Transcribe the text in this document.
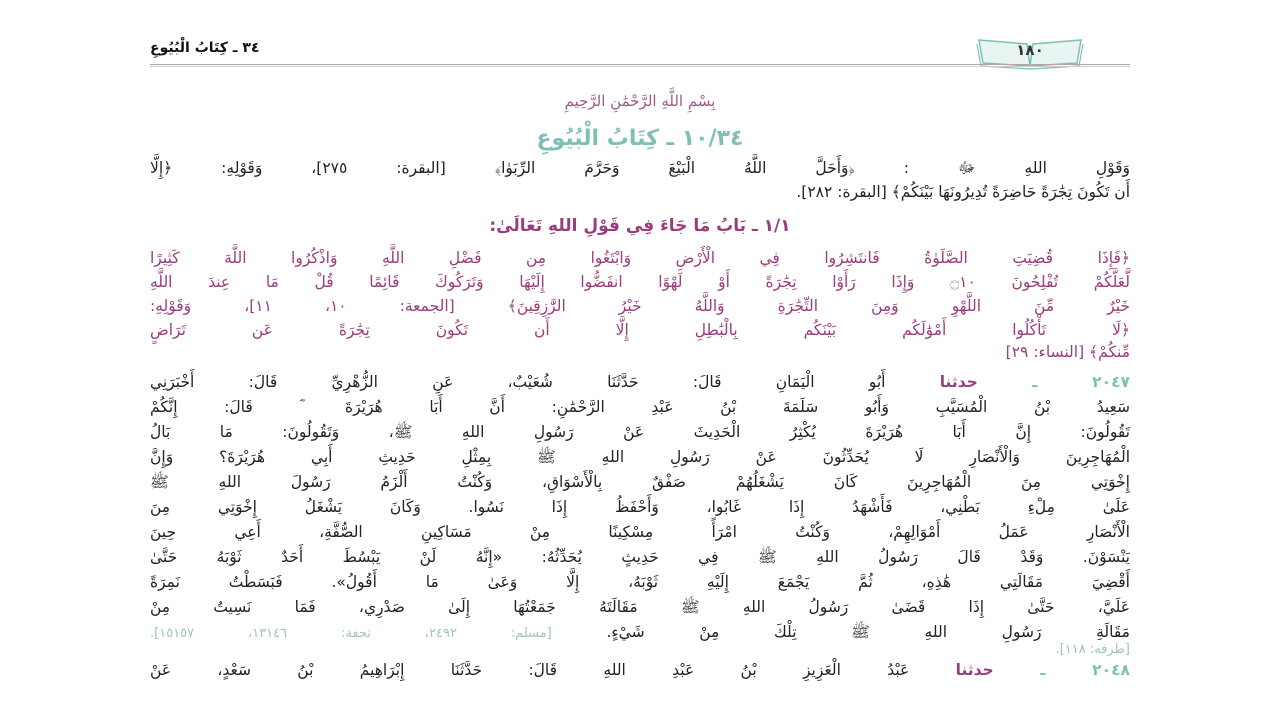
٣٤ ـ كِتَابُ الْبُيُوعِ	١٨٠
بِسْمِ اللَّهِ الرَّحْمَٰنِ الرَّحِيمِ
١٠/٣٤ ـ كِتَابُ الْبُيُوعِ
وَقَوْلِ اللهِ ﷻ : ﴿وَأَحَلَّ اللَّهُ الْبَيْعَ وَحَرَّمَ الرِّبَوٰا﴾ [البقرة: ٢٧٥]، وَقَوْلِهِ: ﴿إِلَّا
أَن تَكُونَ تِجَٰرَةً حَاضِرَةً تُدِيرُونَهَا بَيْنَكُمْ﴾ [البقرة: ٢٨٢].
١/١ ـ بَابُ مَا جَاءَ فِي قَوْلِ اللهِ تَعَالَىٰ:
﴿فَإِذَا قُضِيَتِ الصَّلَوٰةُ فَانتَشِرُوا فِي الْأَرْضِ وَابْتَغُوا مِن فَضْلِ اللَّهِ وَاذْكُرُوا اللَّهَ كَثِيرًا
لَّعَلَّكُمْ تُفْلِحُونَ ۝١٠ وَإِذَا رَأَوْا تِجَٰرَةً أَوْ لَهْوًا انفَضُّوا إِلَيْهَا وَتَرَكُوكَ قَائِمًا قُلْ مَا عِندَ اللَّهِ
خَيْرٌ مِّنَ اللَّهْوِ وَمِنَ التِّجَٰرَةِ وَاللَّهُ خَيْرُ الرَّٰزِقِينَ﴾ [الجمعة: ١٠، ١١]، وَقَوْلِهِ:
﴿لَا تَأْكُلُوا أَمْوَٰلَكُم بَيْنَكُم بِالْبَٰطِلِ إِلَّا أَن تَكُونَ تِجَٰرَةً عَن تَرَاضٍ
مِّنكُمْ﴾ [النساء: ٢٩]
٢٠٤٧ ـ حدثنا أَبُو الْيَمَانِ قَالَ: حَدَّثَنَا شُعَيْبٌ، عَنِ الزُّهْرِيِّ قَالَ: أَخْبَرَنِي
سَعِيدُ بْنُ الْمُسَيَّبِ وَأَبُو سَلَمَةَ بْنُ عَبْدِ الرَّحْمَٰنِ: أَنَّ أَبَا هُرَيْرَةَ ؓ قَالَ: إِنَّكُمْ
تَقُولُونَ: إِنَّ أَبَا هُرَيْرَةَ يُكْثِرُ الْحَدِيثَ عَنْ رَسُولِ اللهِ ﷺ، وَتَقُولُونَ: مَا بَالُ
الْمُهَاجِرِينَ وَالْأَنْصَارِ لَا يُحَدِّثُونَ عَنْ رَسُولِ اللهِ ﷺ بِمِثْلِ حَدِيثِ أَبِي هُرَيْرَةَ؟ وَإِنَّ
إِخْوَتِي مِنَ الْمُهَاجِرِينَ كَانَ يَشْغَلُهُمْ صَفْقٌ بِالْأَسْوَاقِ، وَكُنْتُ أَلْزَمُ رَسُولَ اللهِ ﷺ
عَلَىٰ مِلْءِ بَطْنِي، فَأَشْهَدُ إِذَا غَابُوا، وَأَحْفَظُ إِذَا نَسُوا. وَكَانَ يَشْغَلُ إِخْوَتِي مِنَ
الْأَنْصَارِ عَمَلُ أَمْوَالِهِمْ، وَكُنْتُ امْرَأً مِسْكِينًا مِنْ مَسَاكِينِ الصُّفَّةِ، أَعِي حِينَ
يَنْسَوْنَ. وَقَدْ قَالَ رَسُولُ اللهِ ﷺ فِي حَدِيثٍ يُحَدِّثُهُ: «إِنَّهُ لَنْ يَبْسُطَ أَحَدٌ ثَوْبَهُ حَتَّىٰ
أَقْضِيَ مَقَالَتِي هَٰذِهِ، ثُمَّ يَجْمَعَ إِلَيْهِ ثَوْبَهُ، إِلَّا وَعَىٰ مَا أَقُولُ». فَبَسَطْتُ نَمِرَةً
عَلَيَّ، حَتَّىٰ إِذَا قَضَىٰ رَسُولُ اللهِ ﷺ مَقَالَتَهُ جَمَعْتُهَا إِلَىٰ صَدْرِي، فَمَا نَسِيتُ مِنْ
مَقَالَةِ رَسُولِ اللهِ ﷺ تِلْكَ مِنْ شَيْءٍ. [مسلم: ٢٤٩٢، تحفة: ١٣١٤٦، ١٥١٥٧].
[طرفه: ١١٨].
٢٠٤٨ ـ حدثنا عَبْدُ الْعَزِيزِ بْنُ عَبْدِ اللهِ قَالَ: حَدَّثَنَا إِبْرَاهِيمُ بْنُ سَعْدٍ، عَنْ
